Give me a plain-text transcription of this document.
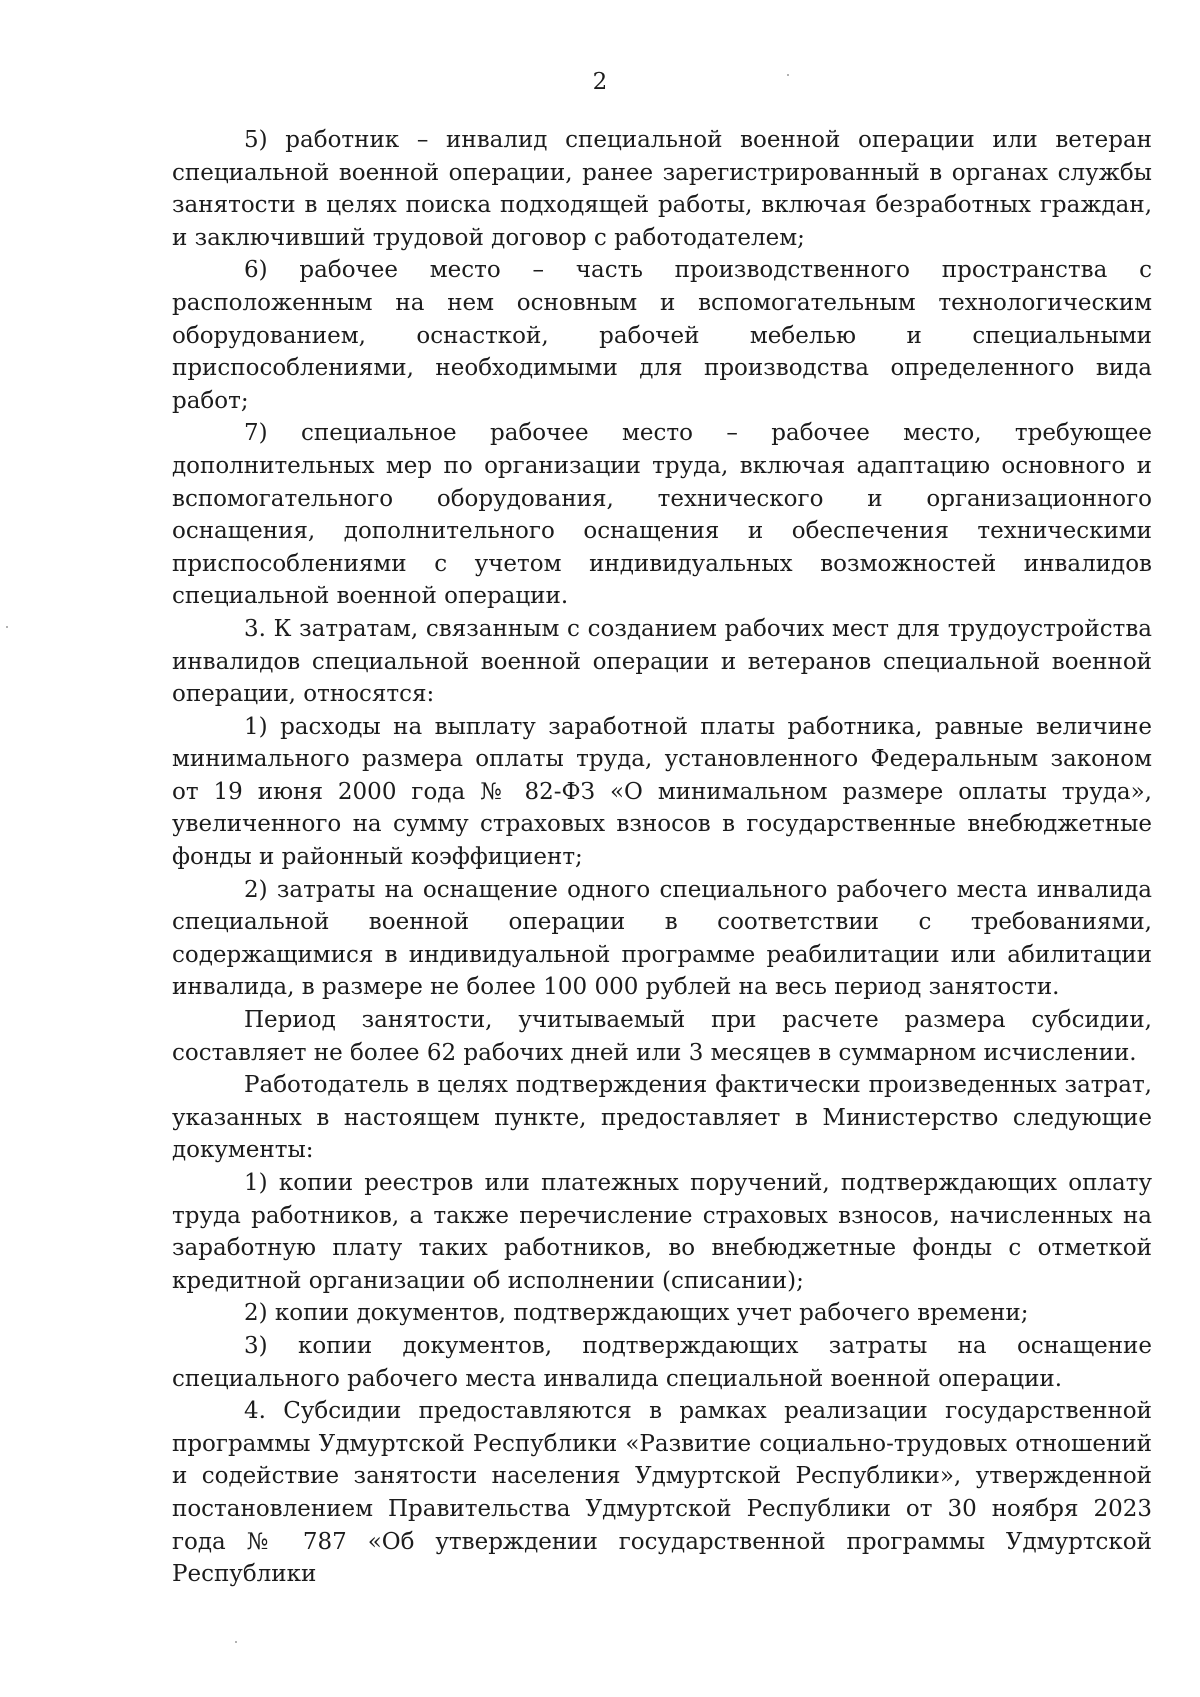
2

5) работник – инвалид специальной военной операции или ветеран специальной военной операции, ранее зарегистрированный в органах службы занятости в целях поиска подходящей работы, включая безработных граждан, и заключивший трудовой договор с работодателем;

6) рабочее место – часть производственного пространства с расположенным на нем основным и вспомогательным технологическим оборудованием, оснасткой, рабочей мебелью и специальными приспособлениями, необходимыми для производства определенного вида работ;

7) специальное рабочее место – рабочее место, требующее дополнительных мер по организации труда, включая адаптацию основного и вспомогательного оборудования, технического и организационного оснащения, дополнительного оснащения и обеспечения техническими приспособлениями с учетом индивидуальных возможностей инвалидов специальной военной операции.

3. К затратам, связанным с созданием рабочих мест для трудоустройства инвалидов специальной военной операции и ветеранов специальной военной операции, относятся:

1) расходы на выплату заработной платы работника, равные величине минимального размера оплаты труда, установленного Федеральным законом от 19 июня 2000 года № 82-ФЗ «О минимальном размере оплаты труда», увеличенного на сумму страховых взносов в государственные внебюджетные фонды и районный коэффициент;

2) затраты на оснащение одного специального рабочего места инвалида специальной военной операции в соответствии с требованиями, содержащимися в индивидуальной программе реабилитации или абилитации инвалида, в размере не более 100 000 рублей на весь период занятости.

Период занятости, учитываемый при расчете размера субсидии, составляет не более 62 рабочих дней или 3 месяцев в суммарном исчислении.

Работодатель в целях подтверждения фактически произведенных затрат, указанных в настоящем пункте, предоставляет в Министерство следующие документы:

1) копии реестров или платежных поручений, подтверждающих оплату труда работников, а также перечисление страховых взносов, начисленных на заработную плату таких работников, во внебюджетные фонды с отметкой кредитной организации об исполнении (списании);

2) копии документов, подтверждающих учет рабочего времени;

3) копии документов, подтверждающих затраты на оснащение специального рабочего места инвалида специальной военной операции.

4. Субсидии предоставляются в рамках реализации государственной программы Удмуртской Республики «Развитие социально-трудовых отношений и содействие занятости населения Удмуртской Республики», утвержденной постановлением Правительства Удмуртской Республики от 30 ноября 2023 года № 787 «Об утверждении государственной программы Удмуртской Республики
